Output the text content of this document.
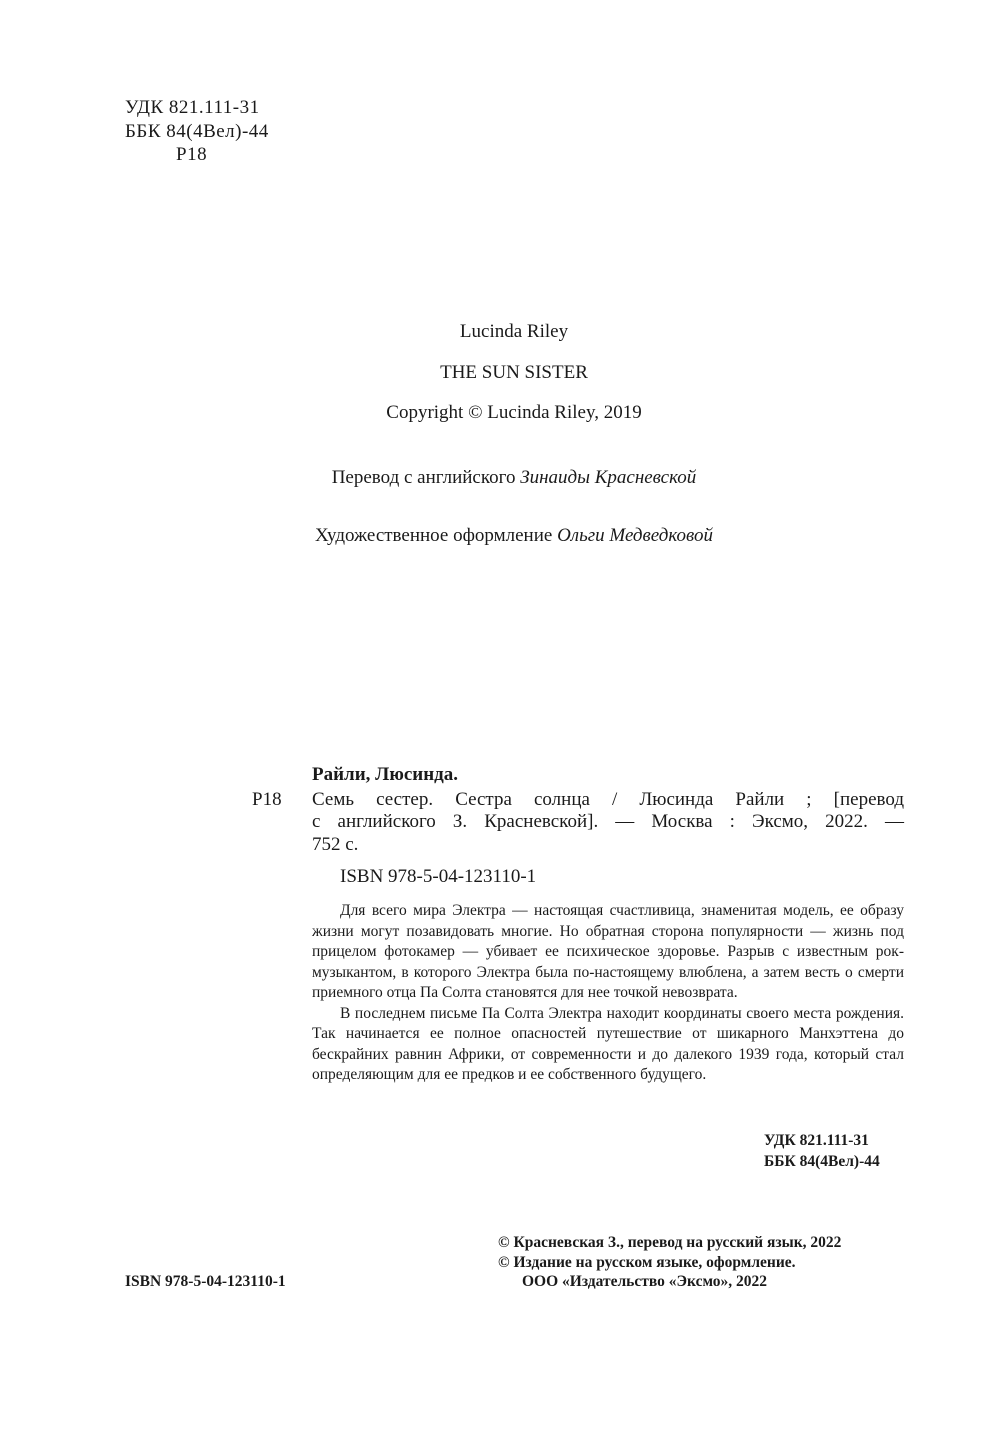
УДК 821.111-31
ББК 84(4Вел)-44
Р18
Lucinda Riley
THE SUN SISTER
Copyright © Lucinda Riley, 2019
Перевод с английского Зинаиды Красневской
Художественное оформление Ольги Медведковой
Райли, Люсинда.
Р18 Семь сестер. Сестра солнца / Люсинда Райли ; [перевод
с английского З. Красневской]. — Москва : Эксмо, 2022. —
752 с.
ISBN 978-5-04-123110-1

Для всего мира Электра — настоящая счастливица, знаменитая модель, ее образу жизни могут позавидовать многие. Но обратная сторона популярности — жизнь под прицелом фотокамер — убивает ее психическое здоровье. Разрыв с известным рок-музыкантом, в которого Электра была по-настоящему влюблена, а затем весть о смерти приемного отца Па Солта становятся для нее точкой невозврата.

В последнем письме Па Солта Электра находит координаты своего места рождения. Так начинается ее полное опасностей путешествие от шикарного Манхэттена до бескрайних равнин Африки, от современности и до далекого 1939 года, который стал определяющим для ее предков и ее собственного будущего.

УДК 821.111-31
ББК 84(4Вел)-44
© Красневская З., перевод на русский язык, 2022
© Издание на русском языке, оформление.
ISBN 978-5-04-123110-1	ООО «Издательство «Эксмо», 2022
